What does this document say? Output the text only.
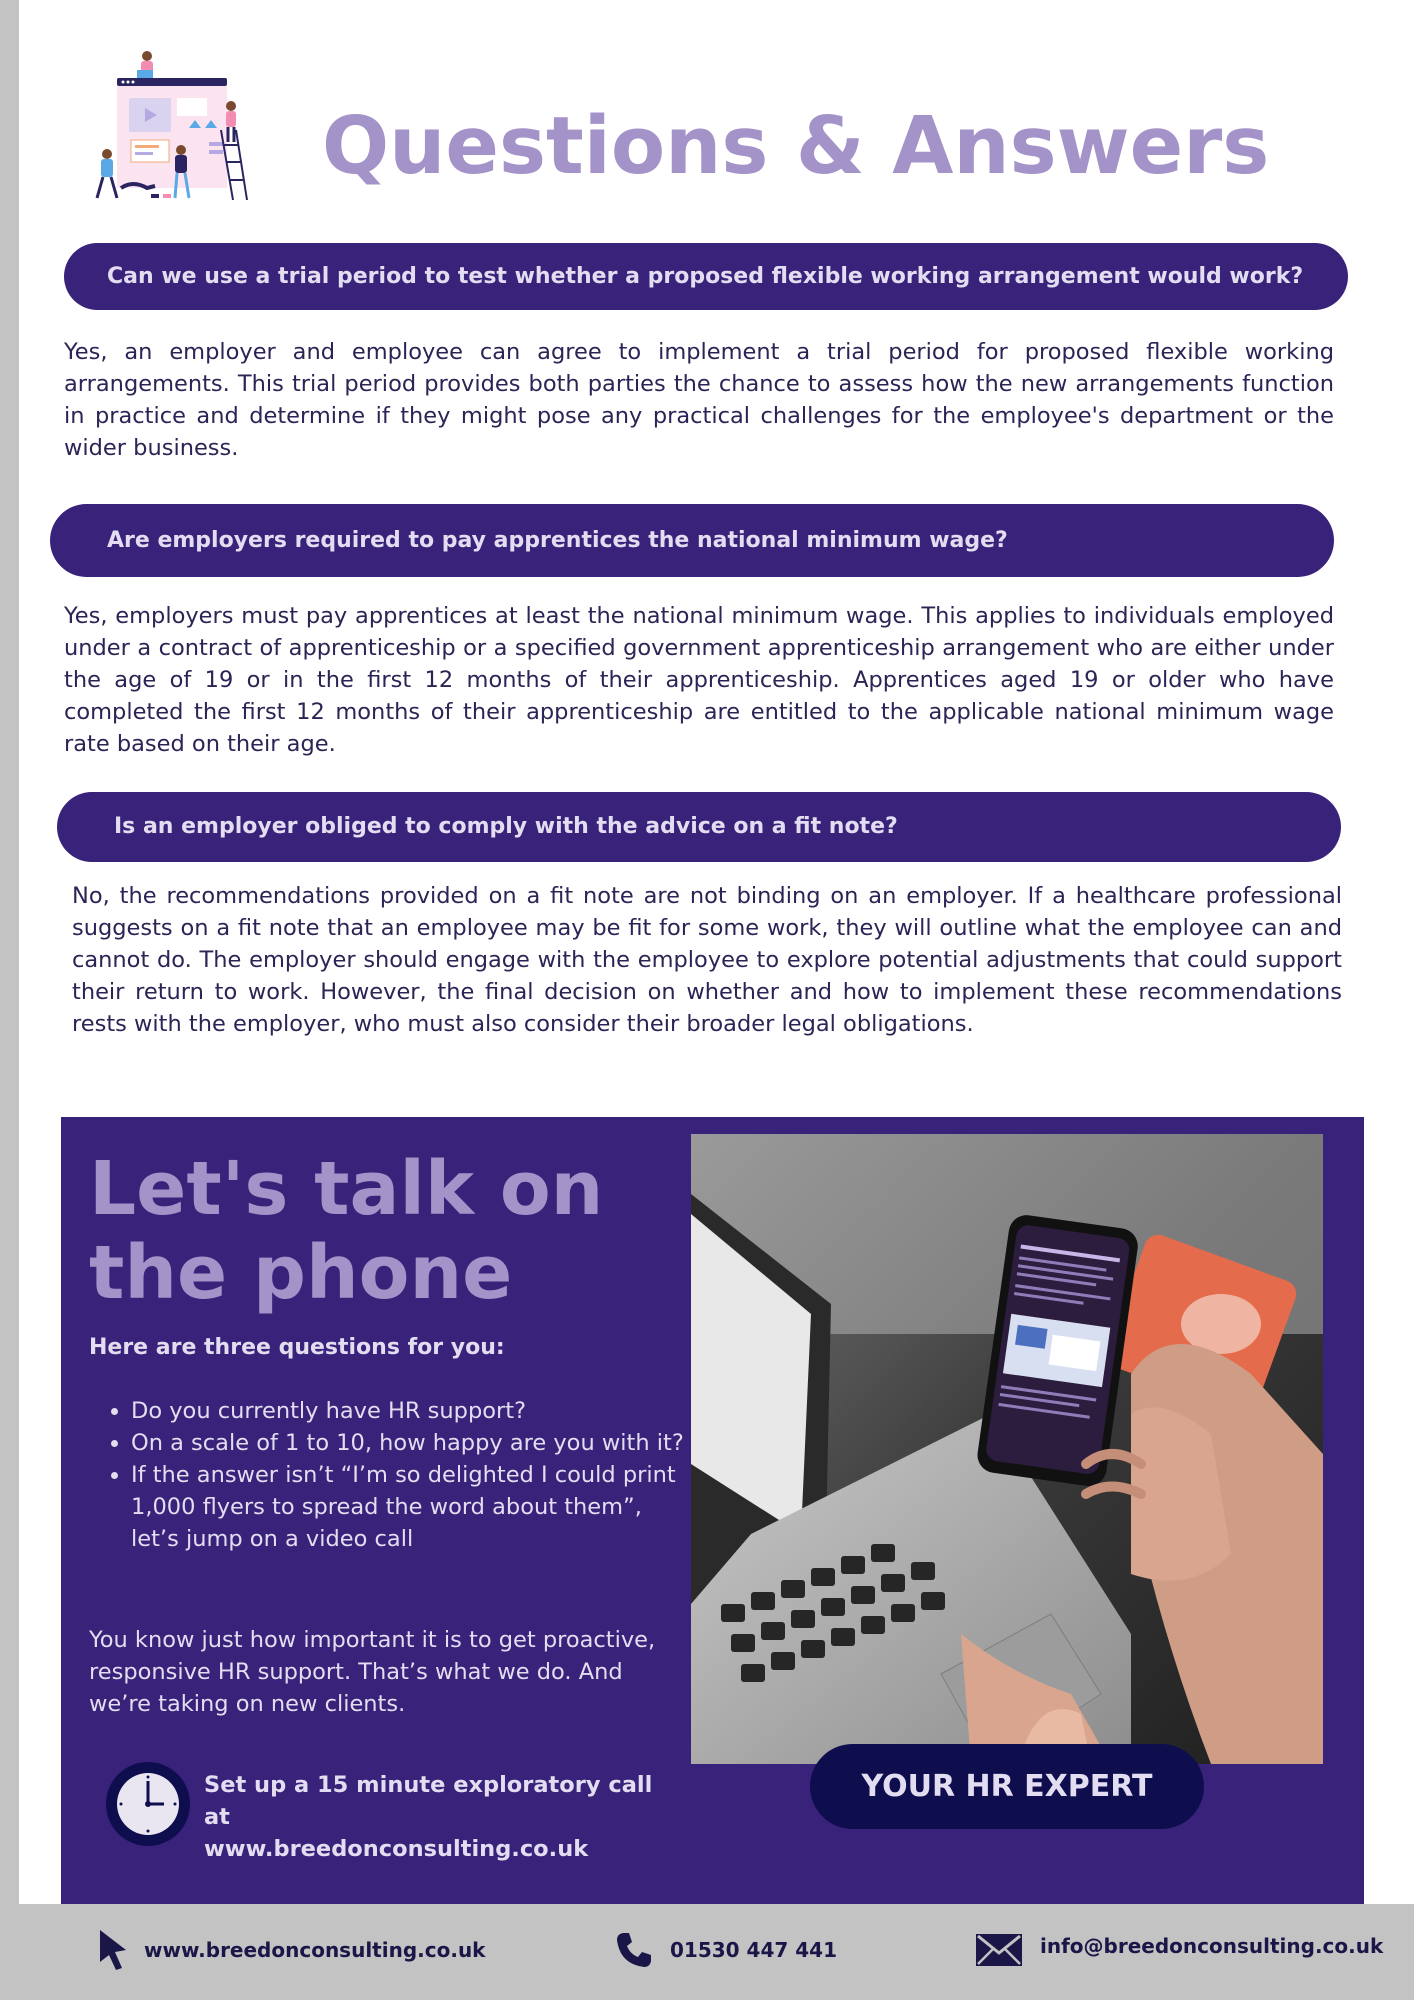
Questions & Answers
Can we use a trial period to test whether a proposed flexible working arrangement would work?

Yes, an employer and employee can agree to implement a trial period for proposed flexible working arrangements. This trial period provides both parties the chance to assess how the new arrangements function in practice and determine if they might pose any practical challenges for the employee's department or the wider business.

Are employers required to pay apprentices the national minimum wage?

Yes, employers must pay apprentices at least the national minimum wage. This applies to individuals employed under a contract of apprenticeship or a specified government apprenticeship arrangement who are either under the age of 19 or in the first 12 months of their apprenticeship. Apprentices aged 19 or older who have completed the first 12 months of their apprenticeship are entitled to the applicable national minimum wage rate based on their age.

Is an employer obliged to comply with the advice on a fit note?

No, the recommendations provided on a fit note are not binding on an employer. If a healthcare professional suggests on a fit note that an employee may be fit for some work, they will outline what the employee can and cannot do. The employer should engage with the employee to explore potential adjustments that could support their return to work. However, the final decision on whether and how to implement these recommendations rests with the employer, who must also consider their broader legal obligations.

Let's talk on
the phone
Here are three questions for you:
• Do you currently have HR support?
• On a scale of 1 to 10, how happy are you with it?
• If the answer isn’t “I’m so delighted I could print 1,000 flyers to spread the word about them”, let’s jump on a video call

You know just how important it is to get proactive, responsive HR support. That’s what we do. And we’re taking on new clients.

Set up a 15 minute exploratory call at
www.breedonconsulting.co.uk

YOUR HR EXPERT
www.breedonconsulting.co.uk	01530 447 441	info@breedonconsulting.co.uk
